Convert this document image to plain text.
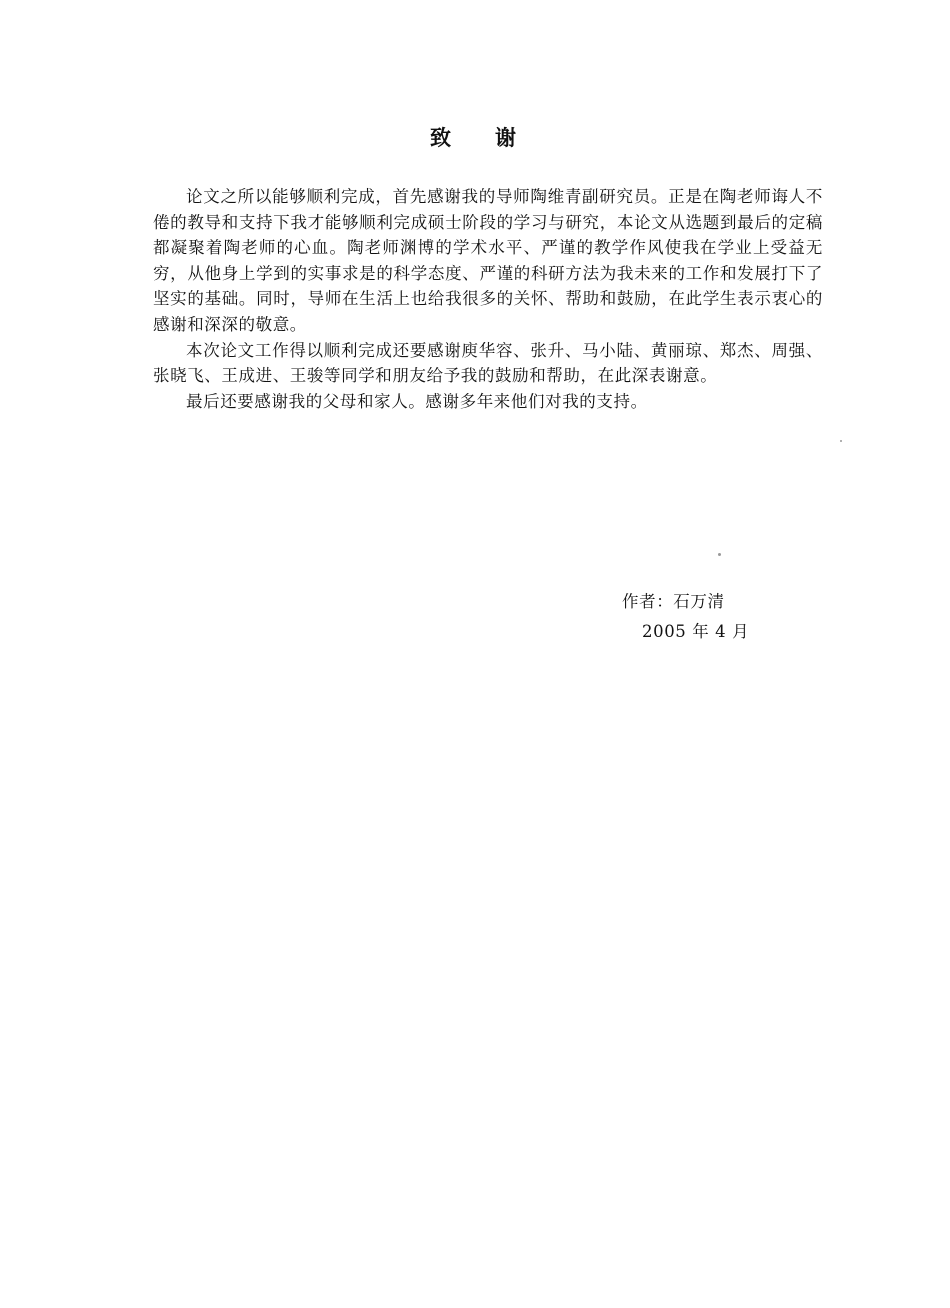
致谢

论文之所以能够顺利完成，首先感谢我的导师陶维青副研究员。正是在陶老师诲人不倦的教导和支持下我才能够顺利完成硕士阶段的学习与研究，本论文从选题到最后的定稿都凝聚着陶老师的心血。陶老师渊博的学术水平、严谨的教学作风使我在学业上受益无穷，从他身上学到的实事求是的科学态度、严谨的科研方法为我未来的工作和发展打下了坚实的基础。同时，导师在生活上也给我很多的关怀、帮助和鼓励，在此学生表示衷心的感谢和深深的敬意。

本次论文工作得以顺利完成还要感谢庾华容、张升、马小陆、黄丽琼、郑杰、周强、张晓飞、王成进、王骏等同学和朋友给予我的鼓励和帮助，在此深表谢意。

最后还要感谢我的父母和家人。感谢多年来他们对我的支持。

作者：石万清
2005 年 4 月
